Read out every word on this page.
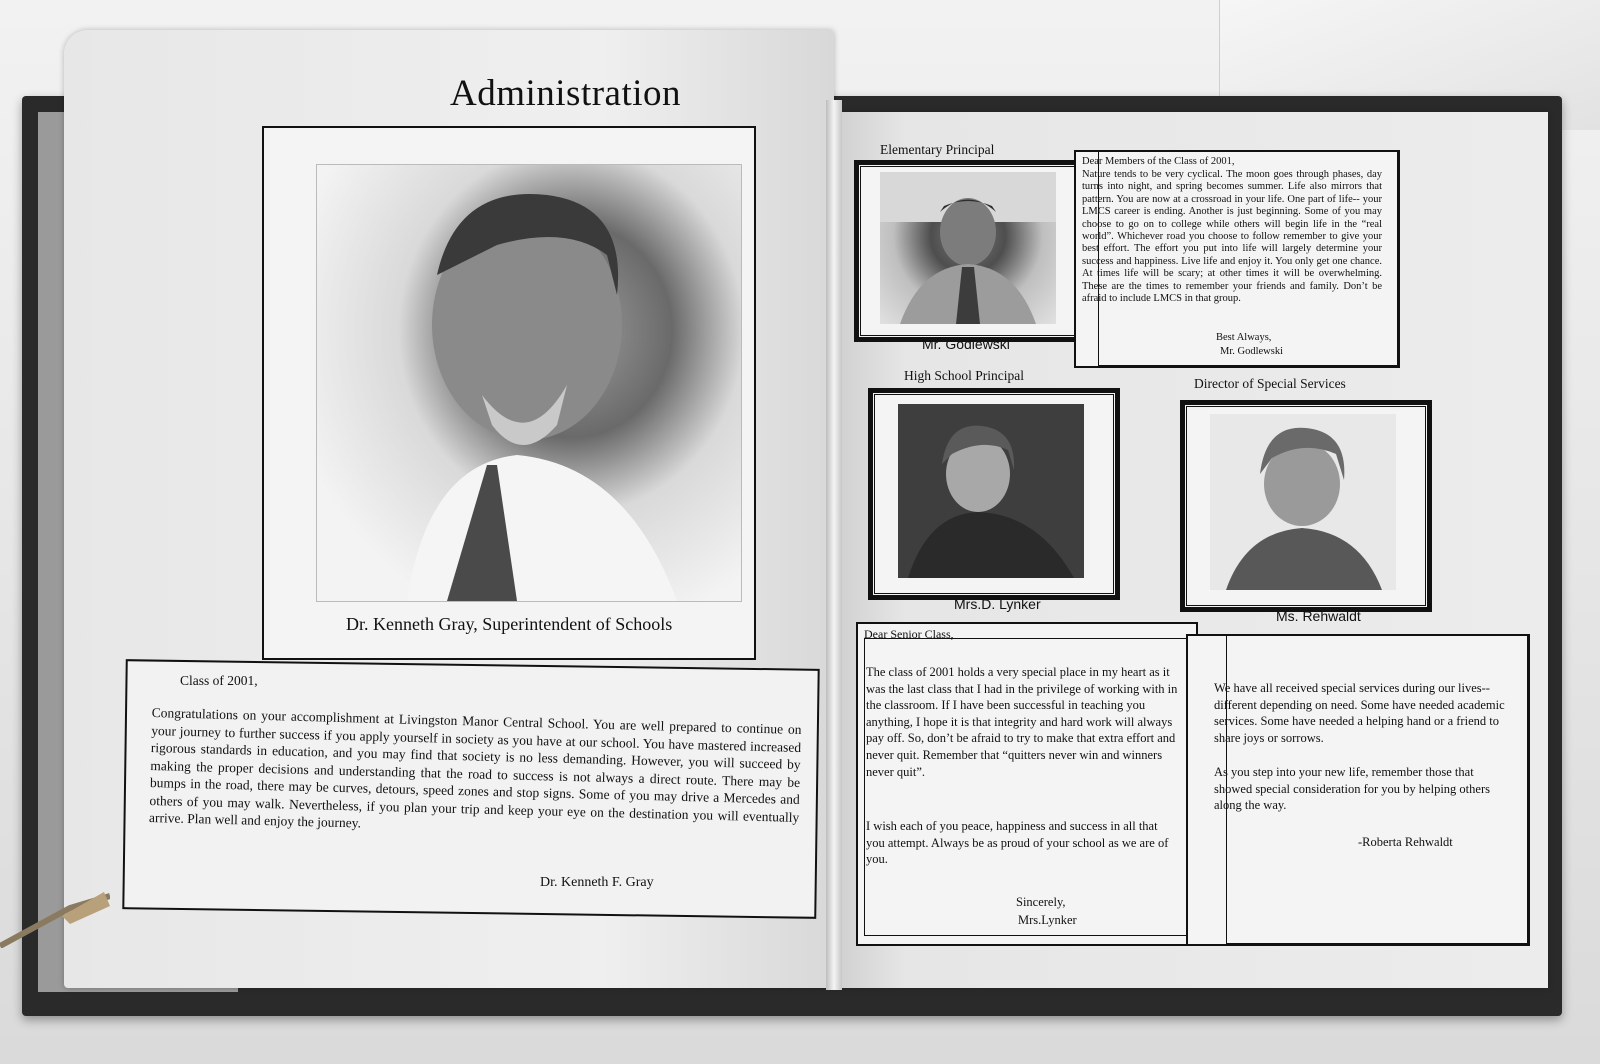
Administration
Dr. Kenneth Gray, Superintendent of Schools
Class of 2001,
Congratulations on your accomplishment at Livingston Manor Central School. You are well prepared to continue on your journey to further success if you apply yourself in society as you have at our school. You have mastered increased rigorous standards in education, and you may find that society is no less demanding. However, you will succeed by making the proper decisions and understanding that the road to success is not always a direct route. There may be bumps in the road, there may be curves, detours, speed zones and stop signs. Some of you may drive a Mercedes and others of you may walk. Nevertheless, if you plan your trip and keep your eye on the destination you will eventually arrive. Plan well and enjoy the journey.
Dr. Kenneth F. Gray
Elementary Principal
Mr. Godlewski
Dear Members of the Class of 2001,
Nature tends to be very cyclical. The moon goes through phases, day turns into night, and spring becomes summer. Life also mirrors that pattern. You are now at a crossroad in your life. One part of life-- your LMCS career is ending. Another is just beginning. Some of you may choose to go on to college while others will begin life in the “real world”. Whichever road you choose to follow remember to give your best effort. The effort you put into life will largely determine your success and happiness. Live life and enjoy it. You only get one chance. At times life will be scary; at other times it will be overwhelming. These are the times to remember your friends and family. Don’t be afraid to include LMCS in that group.
Best Always,
Mr. Godlewski
High School Principal
Mrs.D. Lynker
Dear Senior Class,
The class of 2001 holds a very special place in my heart as it was the last class that I had in the privilege of working with in the classroom. If I have been successful in teaching you anything, I hope it is that integrity and hard work will always pay off. So, don’t be afraid to try to make that extra effort and never quit. Remember that “quitters never win and winners never quit”.
I wish each of you peace, happiness and success in all that you attempt. Always be as proud of your school as we are of you.
Sincerely,
Mrs.Lynker
Director of Special Services
Ms. Rehwaldt
We have all received special services during our lives--different depending on need. Some have needed academic services. Some have needed a helping hand or a friend to share joys or sorrows.
As you step into your new life, remember those that showed special consideration for you by helping others along the way.
-Roberta Rehwaldt
